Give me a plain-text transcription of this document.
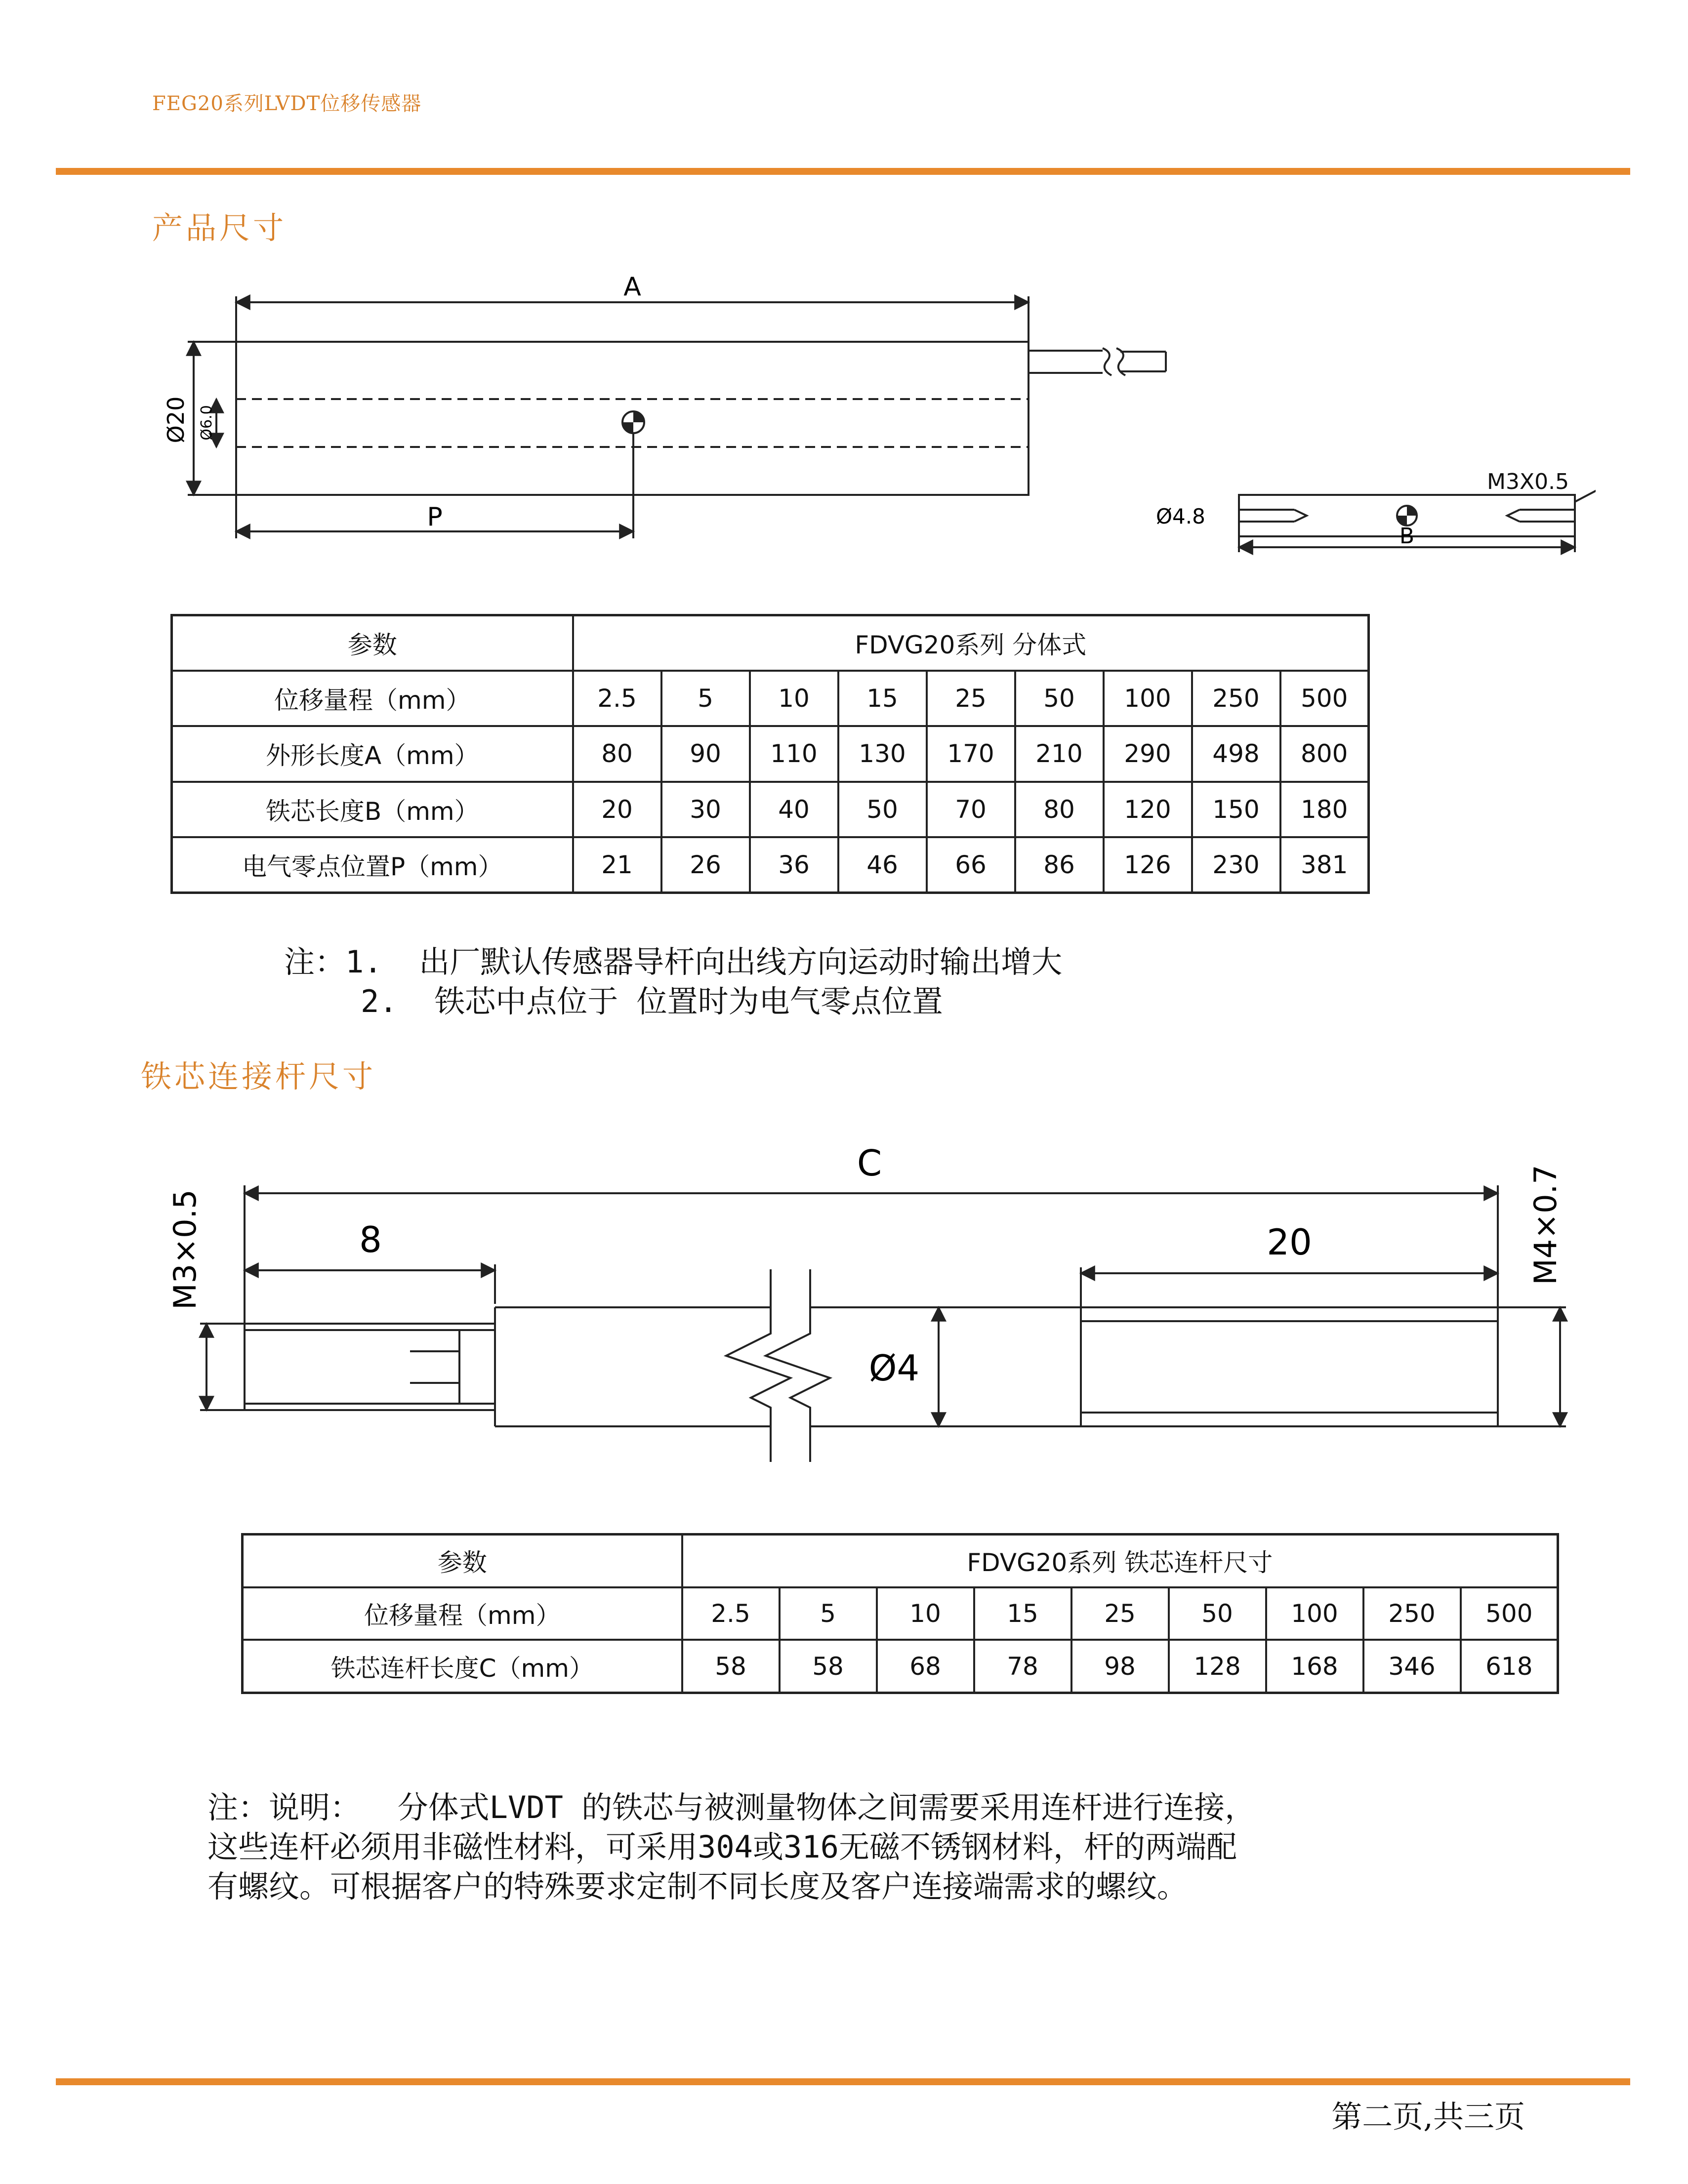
FEG20系列LVDT位移传感器
产品尺寸
A
P
Ø20 Ø6.0
Ø4.8
B
M3X0.5
参数	FDVG20系列 分体式								
位移量程（mm）	2.5	5	10	15	25	50	100	250	500
外形长度A（mm）	80	90	110	130	170	210	290	498	800
铁芯长度B（mm）	20	30	40	50	70	80	120	150	180
电气零点位置P（mm）	21	26	36	46	66	86	126	230	381
注：1.  出厂默认传感器导杆向出线方向运动时输出增大
2.  铁芯中点位于 位置时为电气零点位置
铁芯连接杆尺寸
C
8	20
Ø4
M3×0.5	M4×0.7
参数	FDVG20系列 铁芯连杆尺寸								
位移量程（mm）	2.5	5	10	15	25	50	100	250	500
铁芯连杆长度C（mm）	58	58	68	78	98	128	168	346	618
注：说明：  分体式LVDT 的铁芯与被测量物体之间需要采用连杆进行连接，
这些连杆必须用非磁性材料，可采用304或316无磁不锈钢材料，杆的两端配
有螺纹。可根据客户的特殊要求定制不同长度及客户连接端需求的螺纹。
第二页,共三页
